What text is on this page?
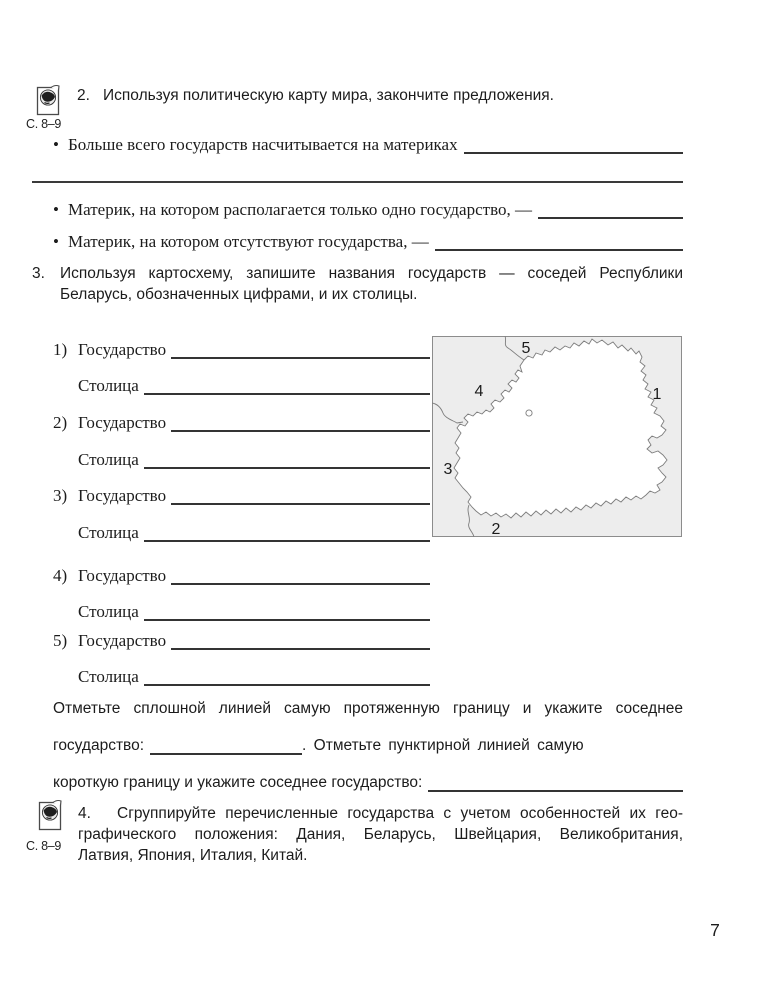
С. 8–9
2. Используя политическую карту мира, закончите предложения.
• Больше всего государств насчитывается на материках
• Материк, на котором располагается только одно государство, —
• Материк, на котором отсутствуют государства, —
3. Используя картосхему, запишите названия государств — соседей Республики
Беларусь, обозначенных цифрами, и их столицы.
1
2
3
4
5
1) Государство
Столица
2) Государство
Столица
3) Государство
Столица
4) Государство
Столица
5) Государство
Столица
Отметьте сплошной линией самую протяженную границу и укажите соседнее
государство:	. Отметьте пунктирной линией самую
короткую границу и укажите соседнее государство:
С. 8–9
4.	Сгруппируйте перечисленные государства с учетом особенностей их гео-
графического положения: Дания, Беларусь, Швейцария, Великобритания,
Латвия, Япония, Италия, Китай.
7
